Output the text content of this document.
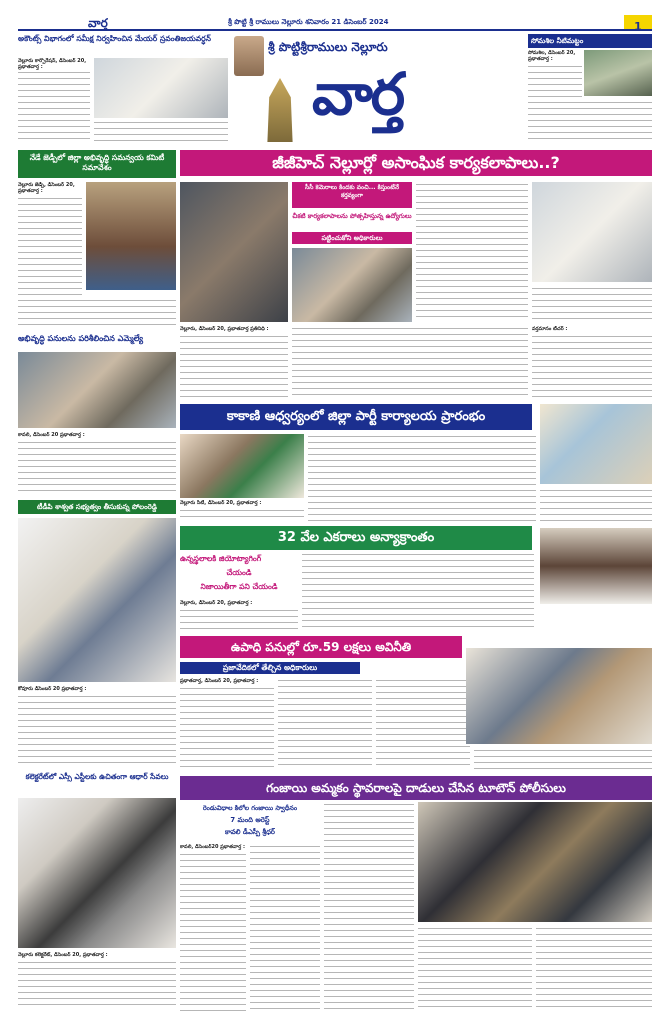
వార్త	శ్రీ పొట్టి శ్రీ రాములు నెల్లూరు శనివారం 21 డిసెంబర్ 2024	1
అకౌంట్స్ విభాగంలో సమీక్ష నిర్వహించిన మేయర్ స్రవంతిజయవర్ధన్
నెల్లూరు కార్పొరేషన్, డిసెంబర్ 20, ప్రభాతవార్త :
శ్రీ పొట్టిశ్రీరాములు నెల్లూరు
వార్త
సోమశిల నీటిమట్టం
సోమశిల, డిసెంబర్ 20, ప్రభాతవార్త :
నేడే జెడ్పీలో జిల్లా అభివృద్ధి సమన్వయ కమిటీ సమావేశం
నెల్లూరు జెడ్పీ, డిసెంబర్ 20, ప్రభాతవార్త :
అభివృద్ధి పనులను పరిశీలించిన ఎమ్మెల్యే
కావలి, డిసెంబర్ 20 ప్రభాతవార్త :
టీడీపి శాశ్వత సభ్యత్వం తీసుకున్న పోలంరెడ్డి
కోవూరు డిసెంబర్ 20 ప్రభాతవార్త :
కలెక్టరేట్‌లో ఎస్సీ ఎస్టీలకు ఉచితంగా ఆధార్ సేవలు
నెల్లూరు కలెక్టరేట్, డిసెంబర్ 20, ప్రభాతవార్త :
జీజీహెచ్ నెల్లూర్లో అసాంఘిక కార్యకలాపాలు..?
సీసీ కెమెరాలు కిందకు వంచి... కిస్తుంటేనే కర్తవ్యంగా
చీకటి కార్యకలాపాలను పోత్సహిస్తున్న ఉద్యోగులు
పట్టించుకోని అధికారులు
నెల్లూరు, డిసెంబర్ 20, ప్రభాతవార్త ప్రతినిధి :	వర్తమానం టీచర్ :
కాకాణి ఆధ్వర్యంలో జిల్లా పార్టీ కార్యాలయ ప్రారంభం
నెల్లూరు సిటీ, డిసెంబర్ 20, ప్రభాతవార్త :
32 వేల ఎకరాలు అన్యాక్రాంతం
ఉన్నస్థలాలకి జియోట్యాగింగ్
చేయండి
నిజాయితీగా పని చేయండి
నెల్లూరు, డిసెంబర్ 20, ప్రభాతవార్త :
ఉపాధి పనుల్లో రూ.59 లక్షలు అవినీతి
ప్రజావేదికలో తేల్చిన అధికారులు
ప్రభాతవార్త, డిసెంబర్ 20, ప్రభాతవార్త :
గంజాయి అమ్మకం స్థావరాలపై దాడులు చేసిన టూటౌన్ పోలీసులు
రెండువిధాల కిలోల గంజాయి స్వాధీనం
7 మంది అరెస్ట్
కావలి డీఎస్పీ శ్రీధర్
కావలి, డిసెంబర్20 ప్రభాతవార్త :
